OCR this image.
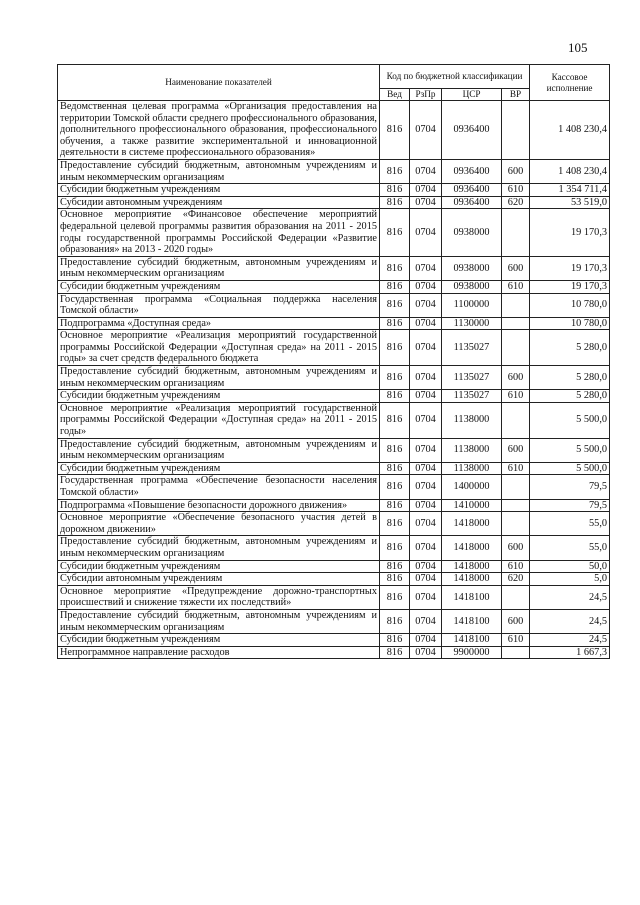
105
Наименование показателей	Код по бюджетной классификации				Кассовое исполнение
	Вед	РзПр	ЦСР	ВР	
Ведомственная целевая программа «Организация предоставления на территории Томской области среднего профессионального образования, дополнительного профессионального образования, профессионального обучения, а также развитие экспериментальной и инновационной деятельности в системе профессионального образования»	816	0704	0936400		1 408 230,4
Предоставление субсидий бюджетным, автономным учреждениям и иным некоммерческим организациям	816	0704	0936400	600	1 408 230,4
Субсидии бюджетным учреждениям	816	0704	0936400	610	1 354 711,4
Субсидии автономным учреждениям	816	0704	0936400	620	53 519,0
Основное мероприятие «Финансовое обеспечение мероприятий федеральной целевой программы развития образования на 2011 - 2015 годы государственной программы Российской Федерации «Развитие образования» на 2013 - 2020 годы»	816	0704	0938000		19 170,3
Предоставление субсидий бюджетным, автономным учреждениям и иным некоммерческим организациям	816	0704	0938000	600	19 170,3
Субсидии бюджетным учреждениям	816	0704	0938000	610	19 170,3
Государственная программа «Социальная поддержка населения Томской области»	816	0704	1100000		10 780,0
Подпрограмма «Доступная среда»	816	0704	1130000		10 780,0
Основное мероприятие «Реализация мероприятий государственной программы Российской Федерации «Доступная среда» на 2011 - 2015 годы» за счет средств федерального бюджета	816	0704	1135027		5 280,0
Предоставление субсидий бюджетным, автономным учреждениям и иным некоммерческим организациям	816	0704	1135027	600	5 280,0
Субсидии бюджетным учреждениям	816	0704	1135027	610	5 280,0
Основное мероприятие «Реализация мероприятий государственной программы Российской Федерации «Доступная среда» на 2011 - 2015 годы»	816	0704	1138000		5 500,0
Предоставление субсидий бюджетным, автономным учреждениям и иным некоммерческим организациям	816	0704	1138000	600	5 500,0
Субсидии бюджетным учреждениям	816	0704	1138000	610	5 500,0
Государственная программа «Обеспечение безопасности населения Томской области»	816	0704	1400000		79,5
Подпрограмма «Повышение безопасности дорожного движения»	816	0704	1410000		79,5
Основное мероприятие «Обеспечение безопасного участия детей в дорожном движении»	816	0704	1418000		55,0
Предоставление субсидий бюджетным, автономным учреждениям и иным некоммерческим организациям	816	0704	1418000	600	55,0
Субсидии бюджетным учреждениям	816	0704	1418000	610	50,0
Субсидии автономным учреждениям	816	0704	1418000	620	5,0
Основное мероприятие «Предупреждение дорожно-транспортных происшествий и снижение тяжести их последствий»	816	0704	1418100		24,5
Предоставление субсидий бюджетным, автономным учреждениям и иным некоммерческим организациям	816	0704	1418100	600	24,5
Субсидии бюджетным учреждениям	816	0704	1418100	610	24,5
Непрограммное направление расходов	816	0704	9900000		1 667,3
